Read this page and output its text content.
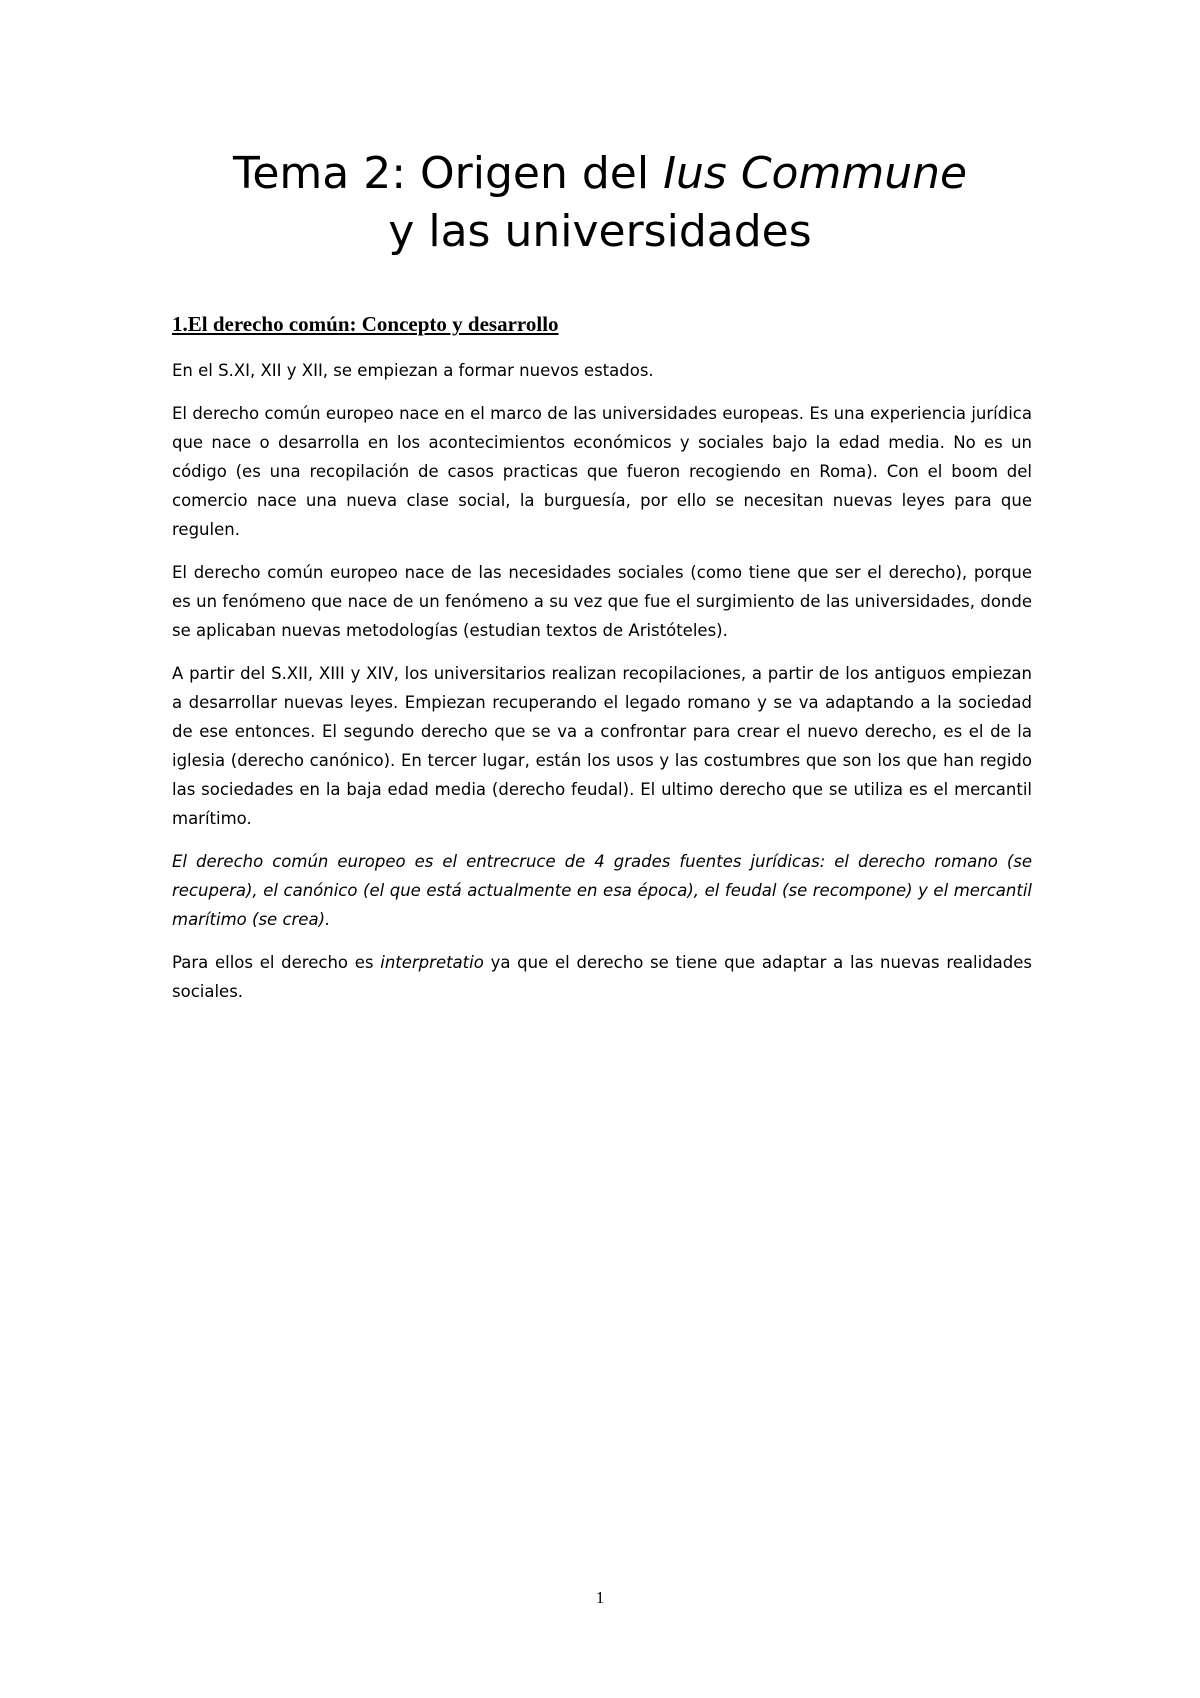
Tema 2: Origen del Ius Commune
y las universidades
1.El derecho común: Concepto y desarrollo

En el S.XI, XII y XII, se empiezan a formar nuevos estados.

El derecho común europeo nace en el marco de las universidades europeas. Es una experiencia jurídica que nace o desarrolla en los acontecimientos económicos y sociales bajo la edad media. No es un código (es una recopilación de casos practicas que fueron recogiendo en Roma). Con el boom del comercio nace una nueva clase social, la burguesía, por ello se necesitan nuevas leyes para que regulen.

El derecho común europeo nace de las necesidades sociales (como tiene que ser el derecho), porque es un fenómeno que nace de un fenómeno a su vez que fue el surgimiento de las universidades, donde se aplicaban nuevas metodologías (estudian textos de Aristóteles).

A partir del S.XII, XIII y XIV, los universitarios realizan recopilaciones, a partir de los antiguos empiezan a desarrollar nuevas leyes. Empiezan recuperando el legado romano y se va adaptando a la sociedad de ese entonces. El segundo derecho que se va a confrontar para crear el nuevo derecho, es el de la iglesia (derecho canónico). En tercer lugar, están los usos y las costumbres que son los que han regido las sociedades en la baja edad media (derecho feudal). El ultimo derecho que se utiliza es el mercantil marítimo.

El derecho común europeo es el entrecruce de 4 grades fuentes jurídicas: el derecho romano (se recupera), el canónico (el que está actualmente en esa época), el feudal (se recompone) y el mercantil marítimo (se crea).

Para ellos el derecho es interpretatio ya que el derecho se tiene que adaptar a las nuevas realidades sociales.

1
